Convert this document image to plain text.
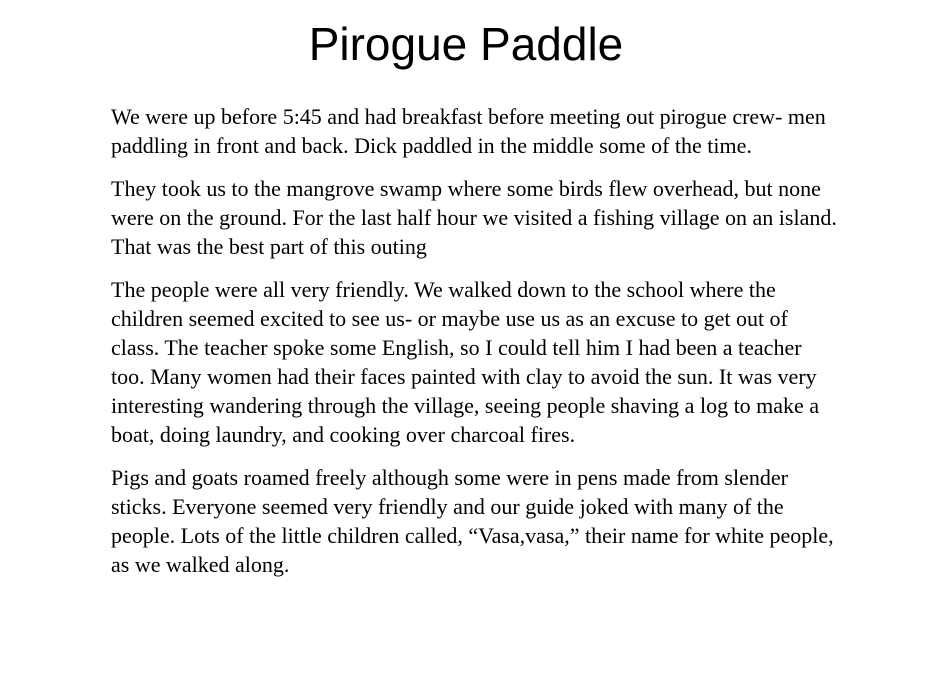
Pirogue Paddle

We were up before 5:45 and had breakfast before meeting out pirogue crew- men paddling in front and back. Dick paddled in the middle some of the time.

They took us to the mangrove swamp where some birds flew overhead, but none were on the ground. For the last half hour we visited a fishing village on an island. That was the best part of this outing

The people were all very friendly. We walked down to the school where the children seemed excited to see us- or maybe use us as an excuse to get out of class. The teacher spoke some English, so I could tell him I had been a teacher too. Many women had their faces painted with clay to avoid the sun. It was very interesting wandering through the village, seeing people shaving a log to make a boat, doing laundry, and cooking over charcoal fires.

Pigs and goats roamed freely although some were in pens made from slender sticks. Everyone seemed very friendly and our guide joked with many of the people. Lots of the little children called, “Vasa,vasa,” their name for white people, as we walked along.
